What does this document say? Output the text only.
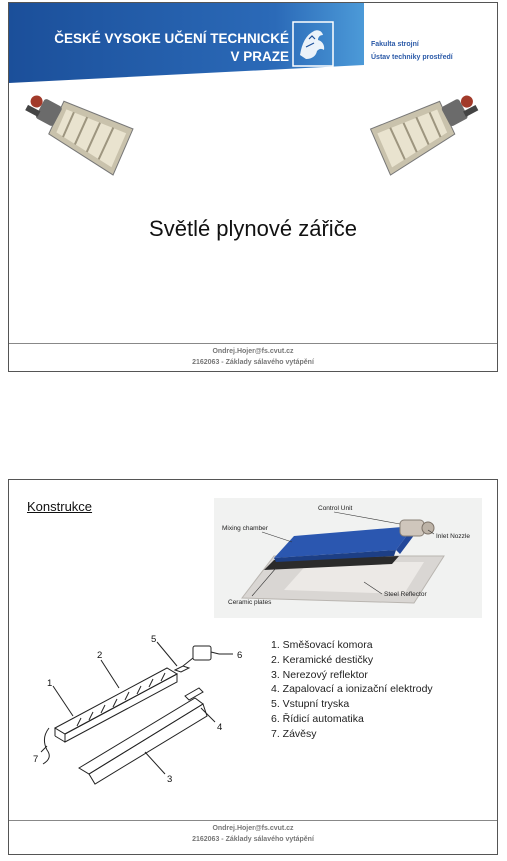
ČESKÉ VYSOKE UČENÍ TECHNICKÉ
V PRAZE
Fakulta strojní
Ústav techniky prostředí
Světlé plynové zářiče
Ondrej.Hojer@fs.cvut.cz
2162063 - Základy sálavého vytápění
Konstrukce	Control Unit
Mixing chamber
Inlet Nozzle
Ceramic plates
Steel Reflector
1
2
3
4
5
6
7
1. Směšovací komora
2. Keramické destičky
3. Nerezový reflektor
4. Zapalovací a ionizační elektrody
5. Vstupní tryska
6. Řídicí automatika
7. Závěsy
Ondrej.Hojer@fs.cvut.cz
2162063 - Základy sálavého vytápění
